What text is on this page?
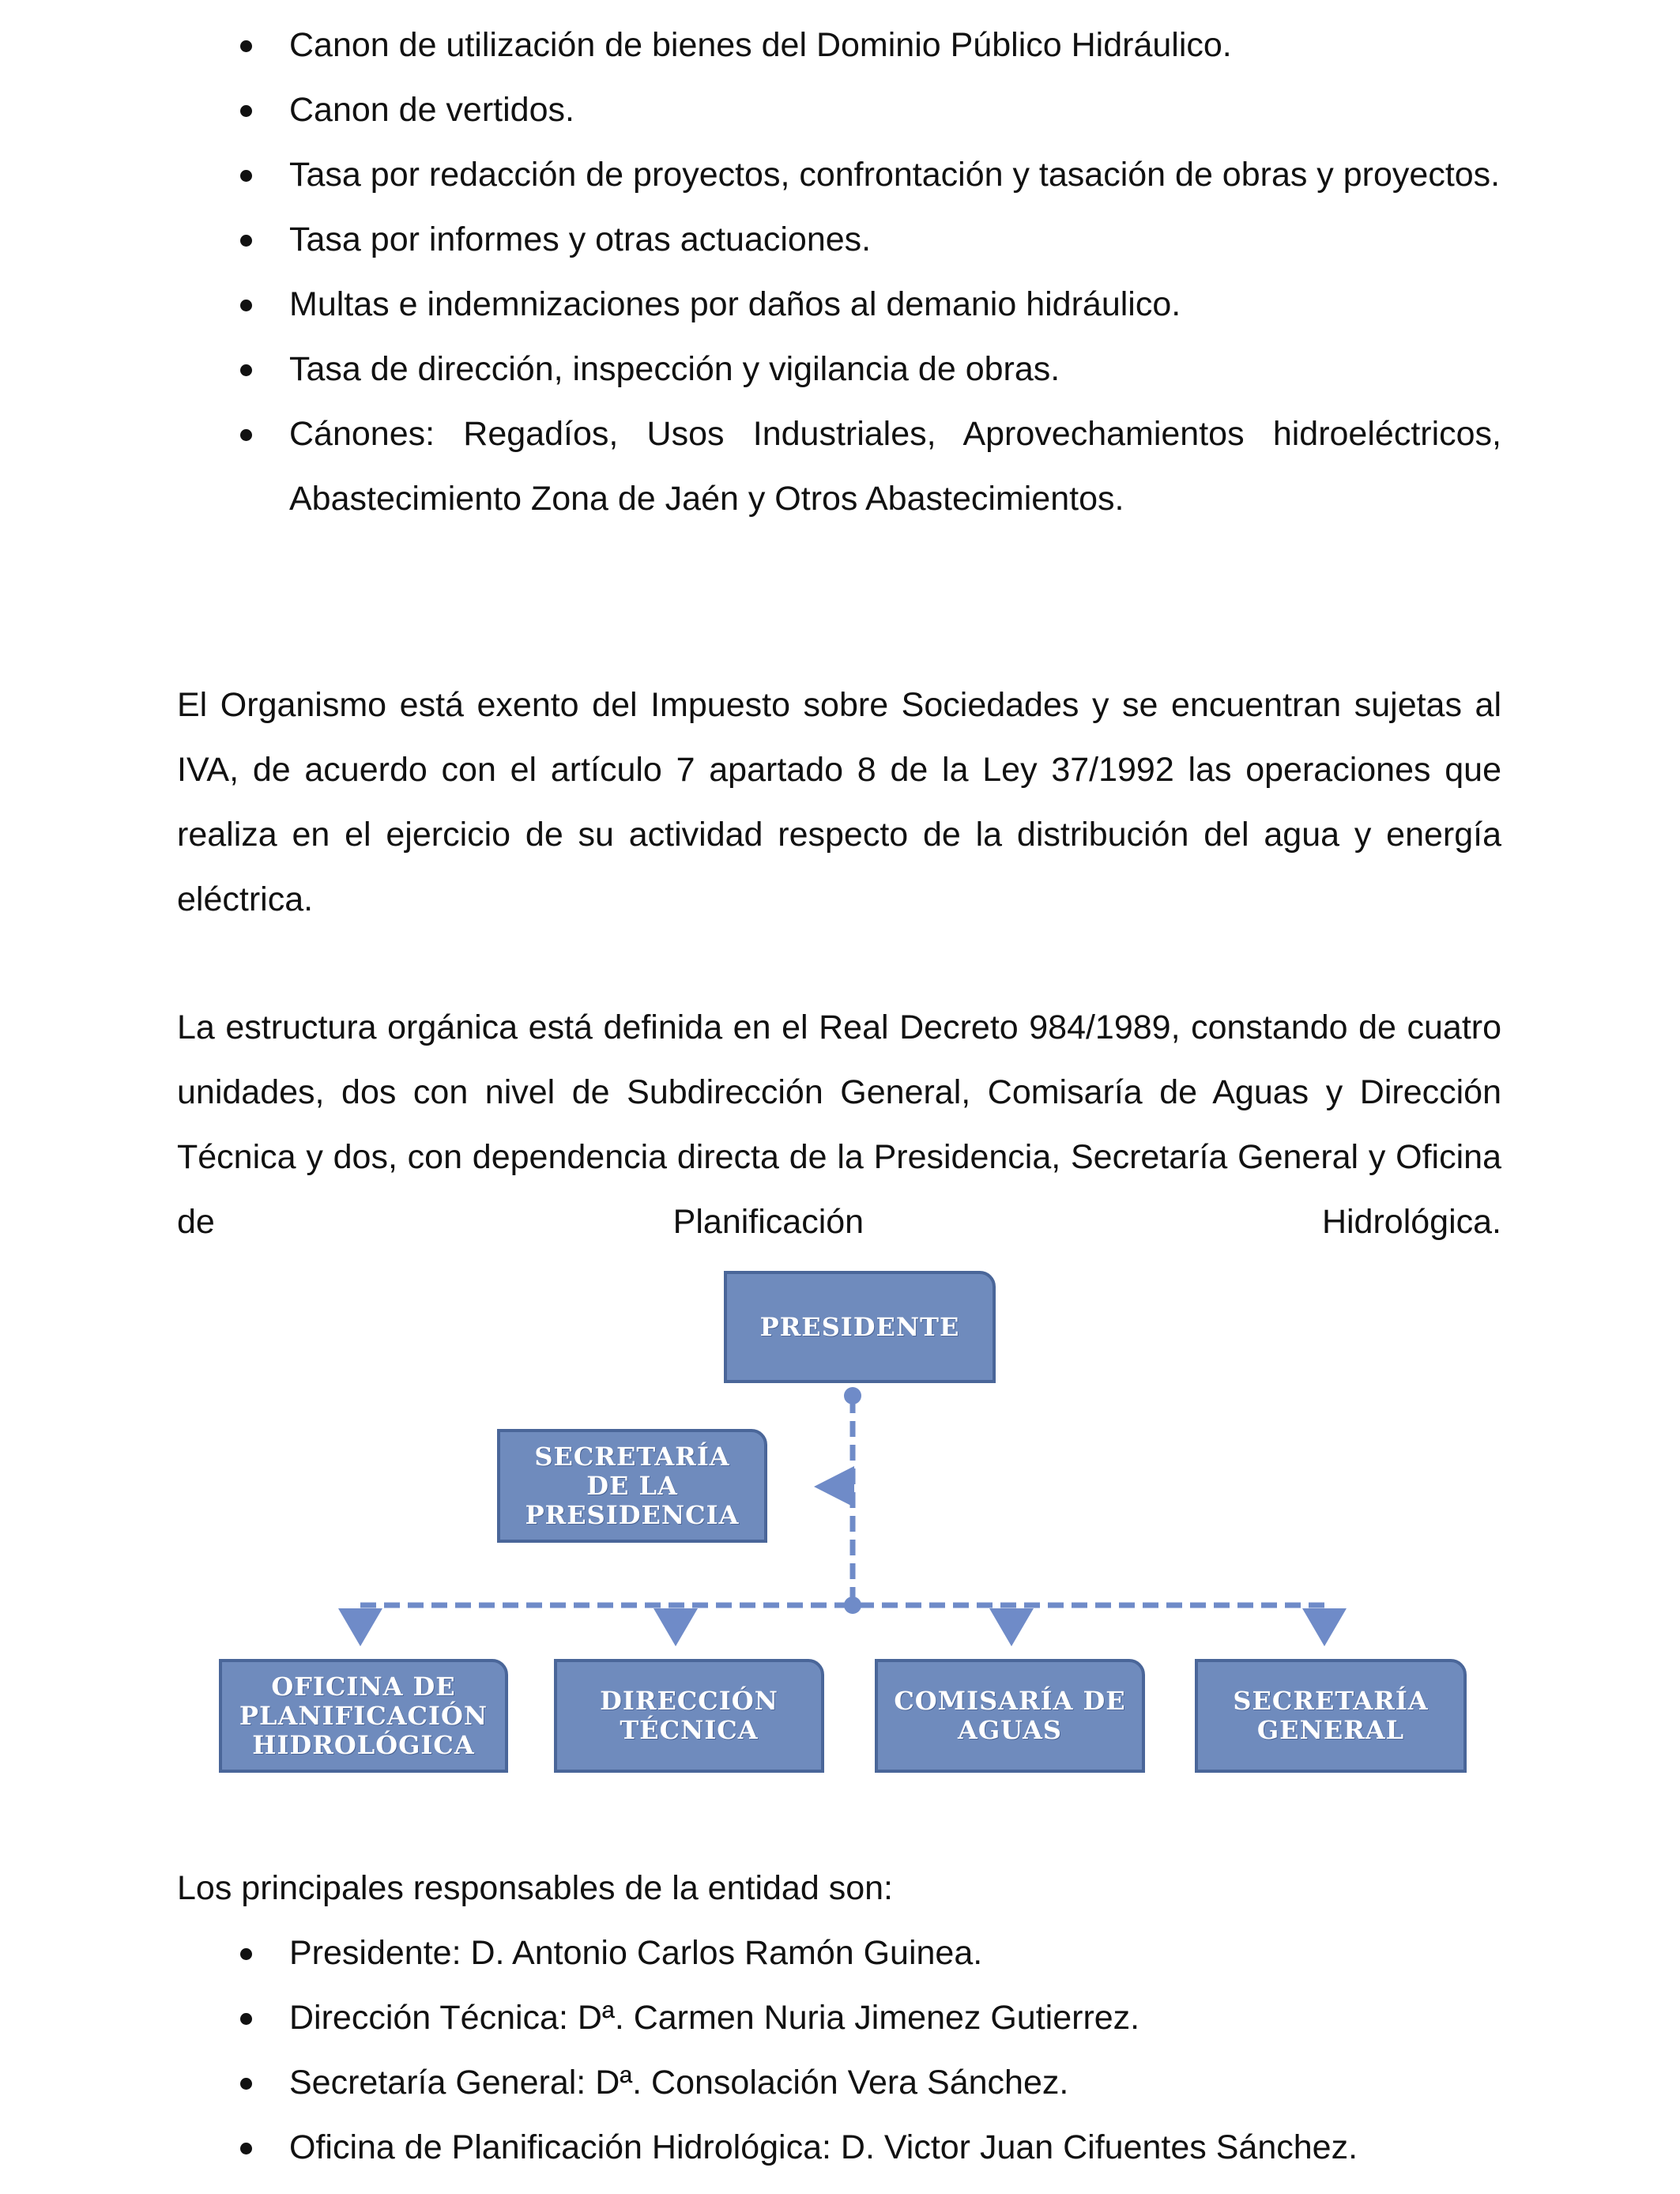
Canon de utilización de bienes del Dominio Público Hidráulico.
Canon de vertidos.
Tasa por redacción de proyectos, confrontación y tasación de obras y proyectos.
Tasa por informes y otras actuaciones.
Multas e indemnizaciones por daños al demanio hidráulico.
Tasa de dirección, inspección y vigilancia de obras.
Cánones: Regadíos, Usos Industriales, Aprovechamientos hidroeléctricos, Abastecimiento Zona de Jaén y Otros Abastecimientos.

El Organismo está exento del Impuesto sobre Sociedades y se encuentran sujetas al IVA, de acuerdo con el artículo 7 apartado 8 de la Ley 37/1992 las operaciones que realiza en el ejercicio de su actividad respecto de la distribución del agua y energía eléctrica.

La estructura orgánica está definida en el Real Decreto 984/1989, constando de cuatro unidades, dos con nivel de Subdirección General, Comisaría de Aguas y Dirección Técnica y dos, con dependencia directa de la Presidencia, Secretaría General y Oficina de Planificación Hidrológica.

PRESIDENTE
SECRETARÍA
DE LA
PRESIDENCIA
OFICINA DE
PLANIFICACIÓN
HIDROLÓGICA
DIRECCIÓN
TÉCNICA
COMISARÍA DE
AGUAS
SECRETARÍA
GENERAL

Los principales responsables de la entidad son:

Presidente: D. Antonio Carlos Ramón Guinea.
Dirección Técnica: Dª. Carmen Nuria Jimenez Gutierrez.
Secretaría General: Dª. Consolación Vera Sánchez.
Oficina de Planificación Hidrológica: D. Victor Juan Cifuentes Sánchez.
